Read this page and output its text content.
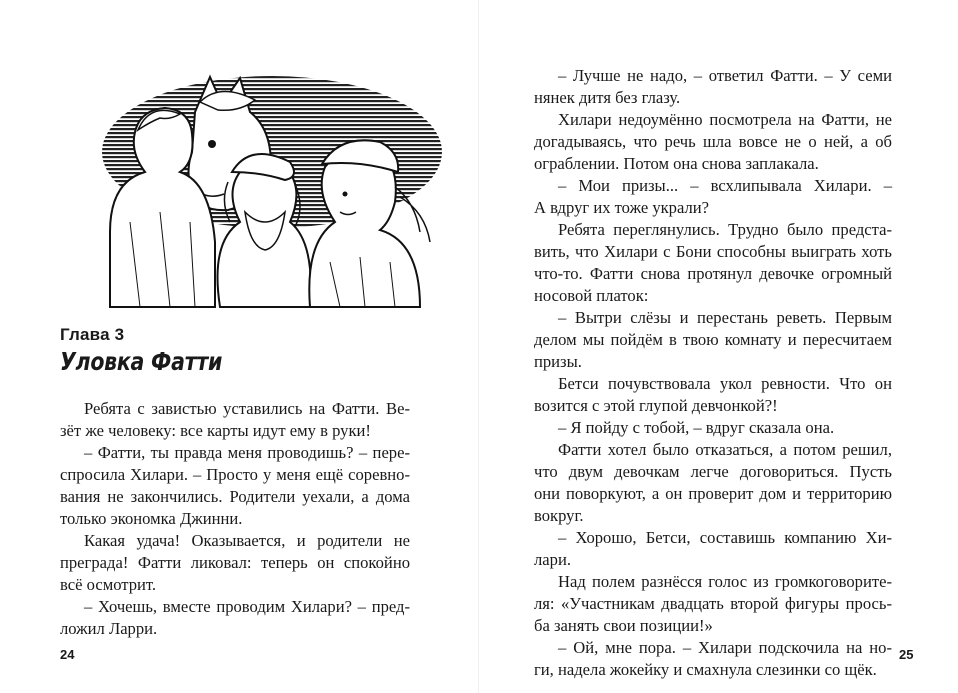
Глава 3
Уловка Фатти
Ребята с завистью уставились на Фатти. Ве-
зёт же человеку: все карты идут ему в руки!
– Фатти, ты правда меня проводишь? – пере-
спросила Хилари. – Просто у меня ещё соревно-
вания не закончились. Родители уехали, а дома
только экономка Джинни.
Какая удача! Оказывается, и родители не
преграда! Фатти ликовал: теперь он спокойно
всё осмотрит.
– Хочешь, вместе проводим Хилари? – пред-
ложил Ларри.
24
– Лучше не надо, – ответил Фатти. – У семи
нянек дитя без глазу.
Хилари недоумённо посмотрела на Фатти, не
догадываясь, что речь шла вовсе не о ней, а об
ограблении. Потом она снова заплакала.
– Мои призы... – всхлипывала Хилари. –
А вдруг их тоже украли?
Ребята переглянулись. Трудно было предста-
вить, что Хилари с Бони способны выиграть хоть
что-то. Фатти снова протянул девочке огромный
носовой платок:
– Вытри слёзы и перестань реветь. Первым
делом мы пойдём в твою комнату и пересчитаем
призы.
Бетси почувствовала укол ревности. Что он
возится с этой глупой девчонкой?!
– Я пойду с тобой, – вдруг сказала она.
Фатти хотел было отказаться, а потом решил,
что двум девочкам легче договориться. Пусть
они поворкуют, а он проверит дом и территорию
вокруг.
– Хорошо, Бетси, составишь компанию Хи-
лари.
Над полем разнёсся голос из громкоговорите-
ля: «Участникам двадцать второй фигуры прось-
ба занять свои позиции!»
– Ой, мне пора. – Хилари подскочила на но-
ги, надела жокейку и смахнула слезинки со щёк.
25
